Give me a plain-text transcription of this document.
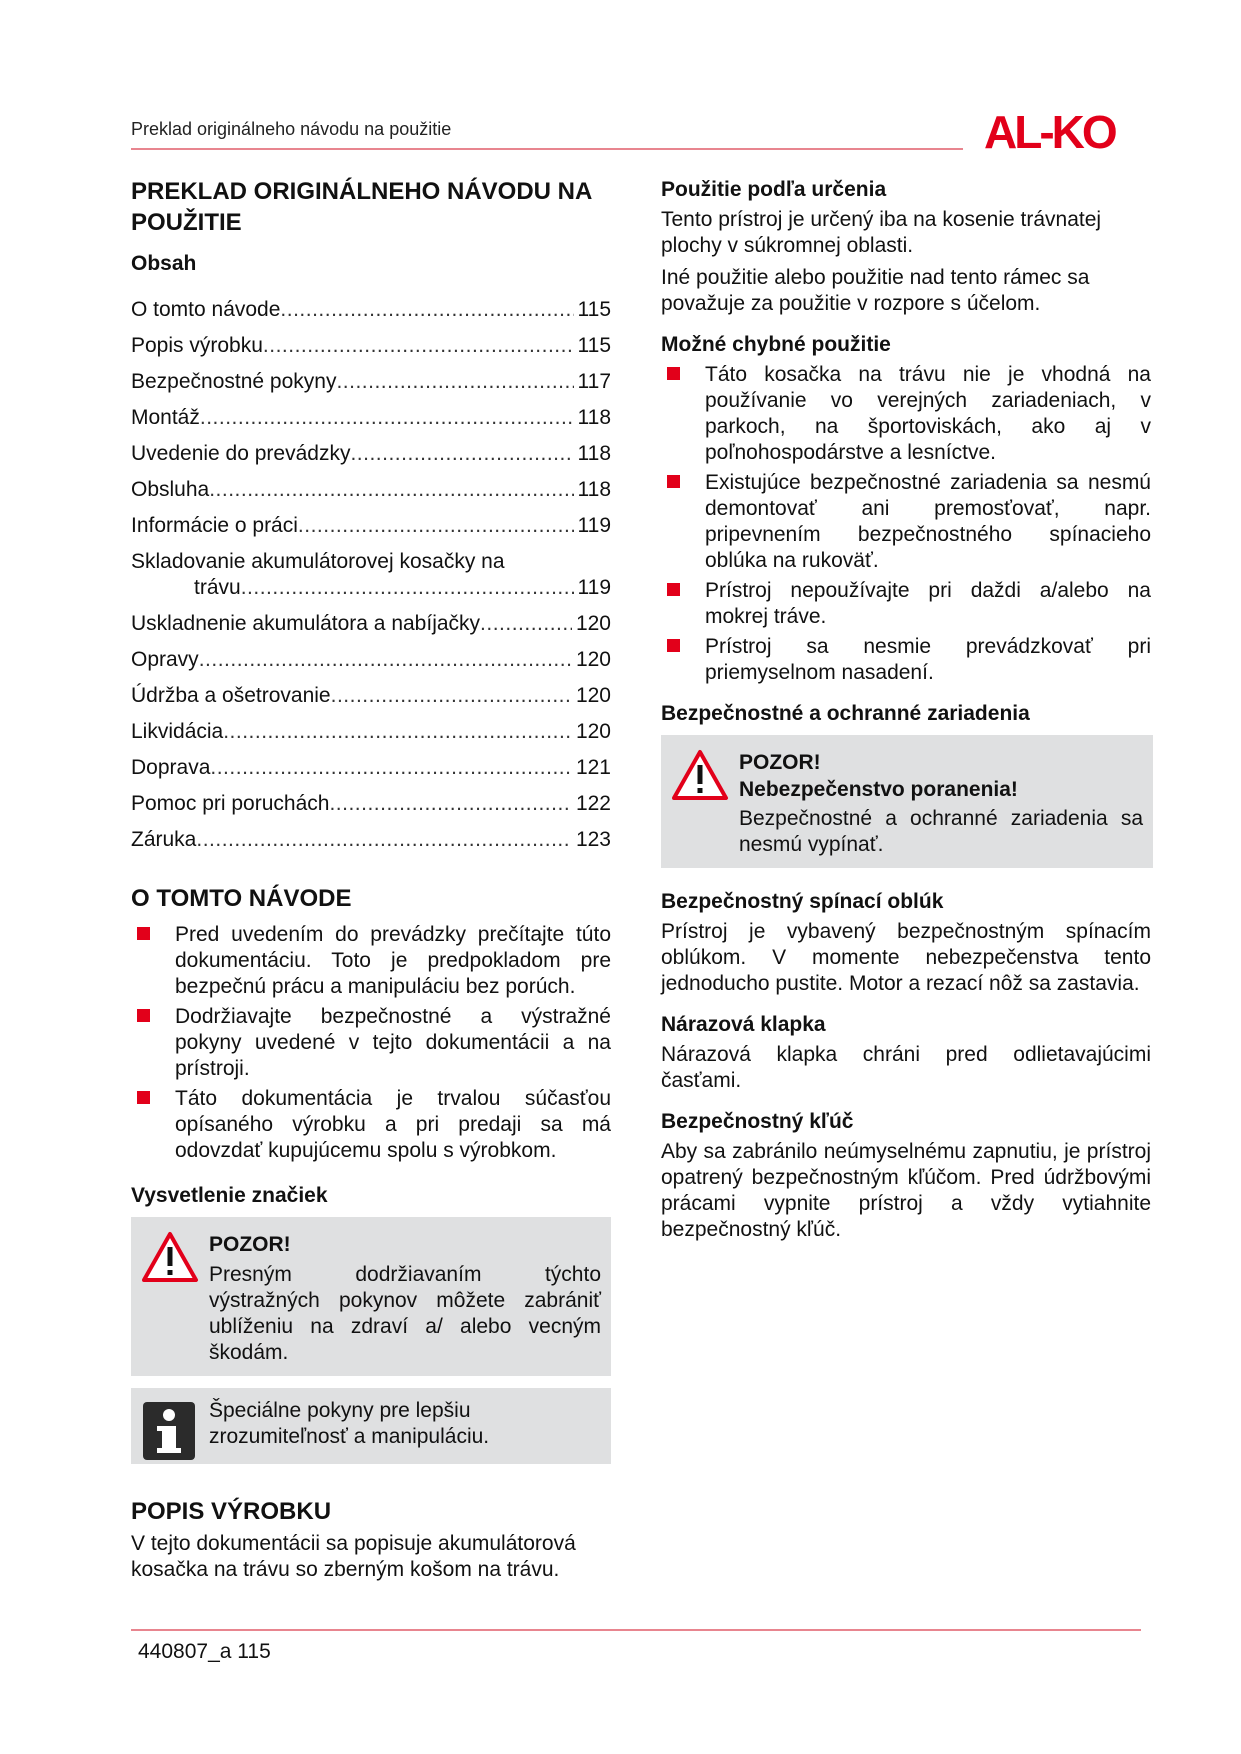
Preklad originálneho návodu na použitie	AL-KO
PREKLAD ORIGINÁLNEHO NÁVODU NA POUŽITIE
Obsah
O tomto návode .....	115
Popis výrobku .....	115
Bezpečnostné pokyny .....	117
Montáž .....	118
Uvedenie do prevádzky .....	118
Obsluha .....	118
Informácie o práci .....	119
Skladovanie akumulátorovej kosačky na
trávu .....	119
Uskladnenie akumulátora a nabíjačky .....	120
Opravy .....	120
Údržba a ošetrovanie .....	120
Likvidácia .....	120
Doprava .....	121
Pomoc pri poruchách .....	122
Záruka .....	123
O TOMTO NÁVODE
Pred uvedením do prevádzky prečítajte túto dokumentáciu. Toto je predpokladom pre bezpečnú prácu a manipuláciu bez porúch.
Dodržiavajte bezpečnostné a výstražné pokyny uvedené v tejto dokumentácii a na prístroji.
Táto dokumentácia je trvalou súčasťou opísaného výrobku a pri predaji sa má odovzdať kupujúcemu spolu s výrobkom.
Vysvetlenie značiek
POZOR!
Presným dodržiavaním týchto výstražných pokynov môžete zabrániť ublíženiu na zdraví a/ alebo vecným škodám.
Špeciálne pokyny pre lepšiu zrozumiteľnosť a manipuláciu.
POPIS VÝROBKU

V tejto dokumentácii sa popisuje akumulátorová kosačka na trávu so zberným košom na trávu.

Použitie podľa určenia

Tento prístroj je určený iba na kosenie trávnatej plochy v súkromnej oblasti.

Iné použitie alebo použitie nad tento rámec sa považuje za použitie v rozpore s účelom.

Možné chybné použitie
Táto kosačka na trávu nie je vhodná na používanie vo verejných zariadeniach, v parkoch, na športoviskách, ako aj v poľnohospodárstve a lesníctve.
Existujúce bezpečnostné zariadenia sa nesmú demontovať ani premosťovať, napr. pripevnením bezpečnostného spínacieho oblúka na rukoväť.
Prístroj nepoužívajte pri daždi a/alebo na mokrej tráve.
Prístroj sa nesmie prevádzkovať pri priemyselnom nasadení.
Bezpečnostné a ochranné zariadenia
POZOR!
Nebezpečenstvo poranenia!
Bezpečnostné a ochranné zariadenia sa nesmú vypínať.
Bezpečnostný spínací oblúk

Prístroj je vybavený bezpečnostným spínacím oblúkom. V momente nebezpečenstva tento jednoducho pustite. Motor a rezací nôž sa zastavia.

Nárazová klapka

Nárazová klapka chráni pred odlietavajúcimi časťami.

Bezpečnostný kľúč

Aby sa zabránilo neúmyselnému zapnutiu, je prístroj opatrený bezpečnostným kľúčom. Pred údržbovými prácami vypnite prístroj a vždy vytiahnite bezpečnostný kľúč.

440807_a 115
